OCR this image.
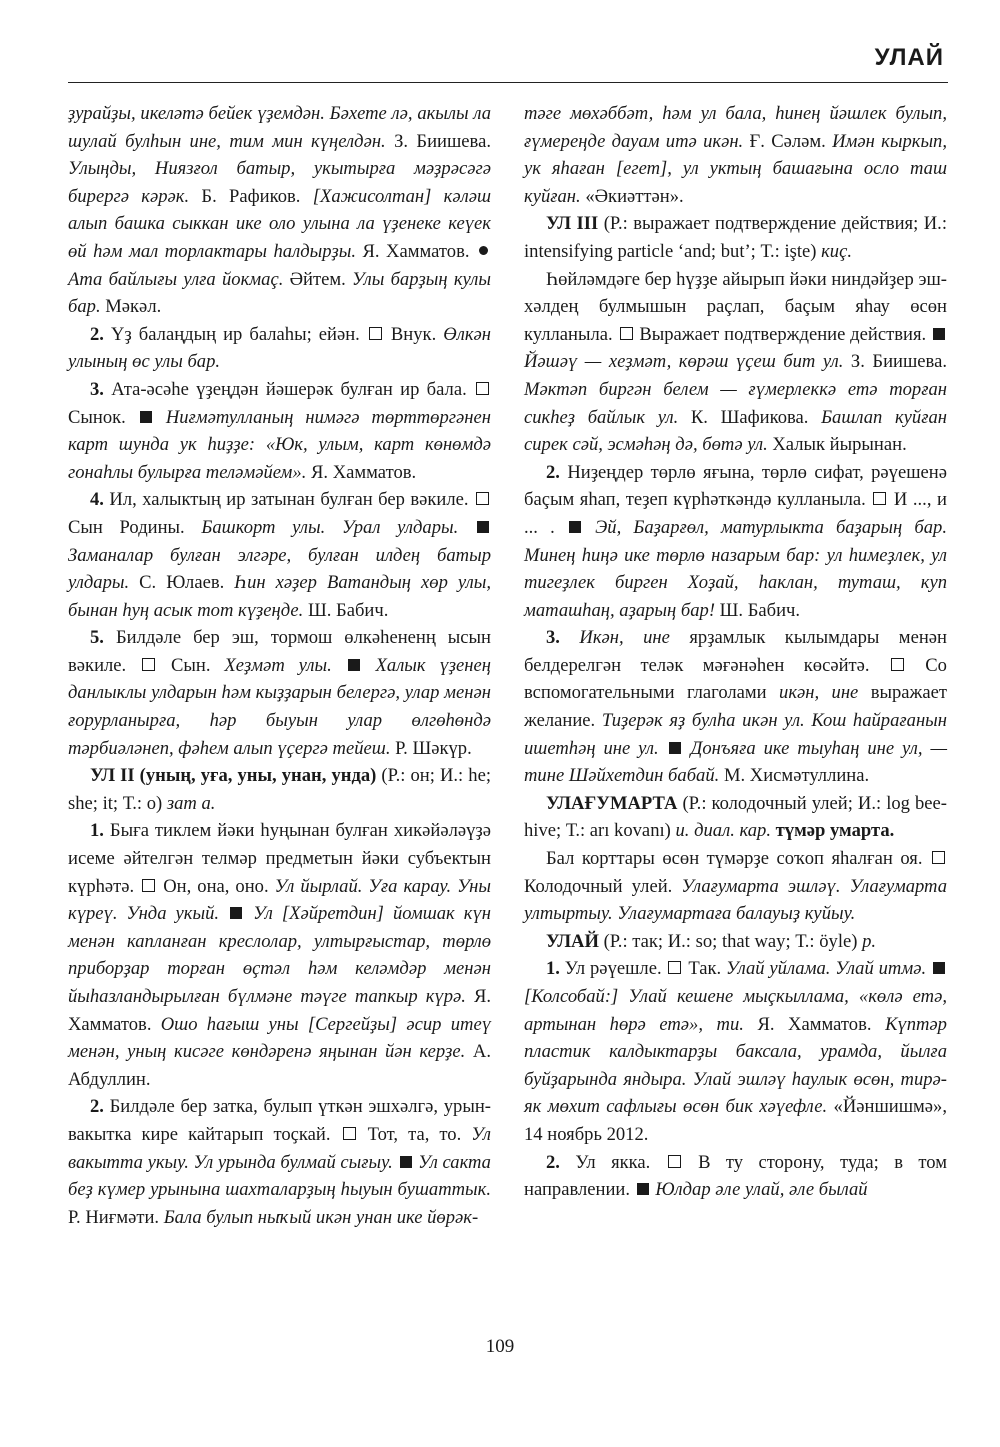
УЛАЙ

ҙурайҙы, икеләтә бейек үҙемдән. Бәхете лә, акылы ла шулай булһын ине, тим мин күңелдән. З. Биишева. Улыңды, Ниязғол батыр, укытырға мәҙрәсәгә бирергә кәрәк. Б. Рафиков. [Хажисолтан] кәләш алып башка сыккан ике оло улына ла үҙенеке кеүек өй һәм мал торлактары һалдырҙы. Я. Хамматов. Ата байлығы улға йокмаç. Әйтем. Улы барҙың кулы бар. Мәкәл.

2. Үҙ балаңдың ир балаһы; ейән.  Внук. Өлкән улының өс улы бар.

3. Ата-әсәһе үҙеңдән йәшерәк булған ир бала.  Сынок.  Ниғмәтулланың нимәгә төрттөргәнен карт шунда ук һиҙҙе: «Юк, улым, карт көнөмдә гонаһлы булырға теләмәйем». Я. Хамматов.

4. Ил, халыктың ир затынан булған бер вәкиле.  Сын Родины. Башкорт улы. Урал улдары.  Заманалар булған элгәре, булған илдең батыр улдары. С. Юлаев. Һин хәҙер Ватандың хөр улы, бынан һуң асык тот күҙеңде. Ш. Бабич.

5. Билдәле бер эш, тормош өлкәһененң ысын вәкиле.  Сын. Хеҙмәт улы. Халык үҙенең данлыклы улдарын һәм кыҙҙарын белергә, улар менән ғорурланырға, һәр быуын улар өлгөһөндә тәрбиәләнеп, фәһем алып үҫергә тейеш. Р. Шәкүр.

УЛ II (уның, уға, уны, унан, унда) (Р.: он; И.: he; she; it; Т.: o) зат а.

1. Быға тиклем йәки һуңынан булған хикәйәләүҙә исеме әйтелгән телмәр предметын йәки субъектын күрһәтә.  Он, она, оно. Ул йырлай. Уға карау. Уны күреү. Унда укый. Ул [Хәйретдин] йомшак күн менән капланған креслолар, ултырғыстар, төрлө приборҙар торған өҫтәл һәм келәмдәр менән йыһазландырылған бүлмәне тәүге тапкыр күрә. Я. Хамматов. Ошо һағыш уны [Сергейҙы] әсир итеү менән, уның кисәге көндәренә яңынан йән керҙе. А. Абдуллин.

2. Билдәле бер затка, булып үткән эшхәлгә, урын-вакытка кире кайтарып тоҫкай.  Тот, та, то. Ул вакытта укыу. Ул урында булмай сығыу. Ул сакта беҙ күмер урынына шахталарҙың һыуын бушаттык. Р. Ниғмәти. Бала булып ныҡый икән унан ике йөрәк-

тәге мөхәббәт, һәм ул бала, һинең йәшлек булып, ғүмереңде дауам итә икән. Ғ. Сәләм. Имән кыркып, ук яһаған [егет], ул уктың башағына осло таш куйған. «Әкиәттән».

УЛ III (Р.: выражает подтверждение действия; И.: intensifying particle ‘and; but’; Т.: işte) киç.

Һөйләмдәге бер һүҙҙе айырып йәки ниндәйҙер эш-хәлдең булмышын раçлап, баçым яһау өсөн кулланыла.  Выражает подтверждение действия.  Йәшәү — хеҙмәт, көрәш үҫеш бит ул. З. Биишева. Мәктәп биргән белем — ғүмерлеккә етә торған сикһеҙ байлык ул. К. Шафикова. Башлап куйған сирек сәй, эсмәһәң дә, бөтә ул. Халык йырынан.

2. Ниҙеңдер төрлө яғына, төрлө сифат, рәүешенә баçым яһап, теҙеп күрһәткәндә кулланыла.  И ..., и ... .  Эй, Баҙарғөл, матурлыкта баҙарың бар. Минең һиңә ике төрлө назарым бар: ул һимеҙлек, ул тигеҙлек бирген Хоҙай, һаклан, туташ, куп маташһаң, аҙарың бар! Ш. Бабич.

3. Икән, ине ярҙамлык кылымдары менән белдерелгән теләк мәғәнәһен көсәйтә.  Со вспомогательными глаголами икән, ине выражает желание. Тиҙерәк яҙ булһа икән ул. Кош һайрағанын ишетһәң ине ул. Донъяға ике тыуһаң ине ул, — тине Шәйхетдин бабай. М. Хисмәтуллина.

УЛАҒУМАРТА (Р.: колодочный улей; И.: log bee-hive; Т.: arı kovanı) и. диал. кар. түмәр умарта.

Бал корттары өсөн түмәрҙе соҡоп яһалған оя.  Колодочный улей. Улағумарта эшләү. Улағумарта ултыртыу. Улағумартаға балауыҙ куйыу.

УЛАЙ (Р.: так; И.: so; that way; Т.: öyle) р.

1. Ул рәүешле.  Так. Улай уйлама. Улай итмә.  [Колсобай:] Улай кешене мыçкыллама, «көлә етә, артынан һөрә етә», ти. Я. Хамматов. Күптәр пластик калдыктарҙы баксала, урамда, йылға буйҙарында яндыра. Улай эшләү һаулык өсөн, тирә-як мөхит сафлығы өсөн бик хәүефле. «Йәншишмә», 14 ноябрь 2012.

2. Ул якка.  В ту сторону, туда; в том направлении.  Юлдар әле улай, әле былай

109
